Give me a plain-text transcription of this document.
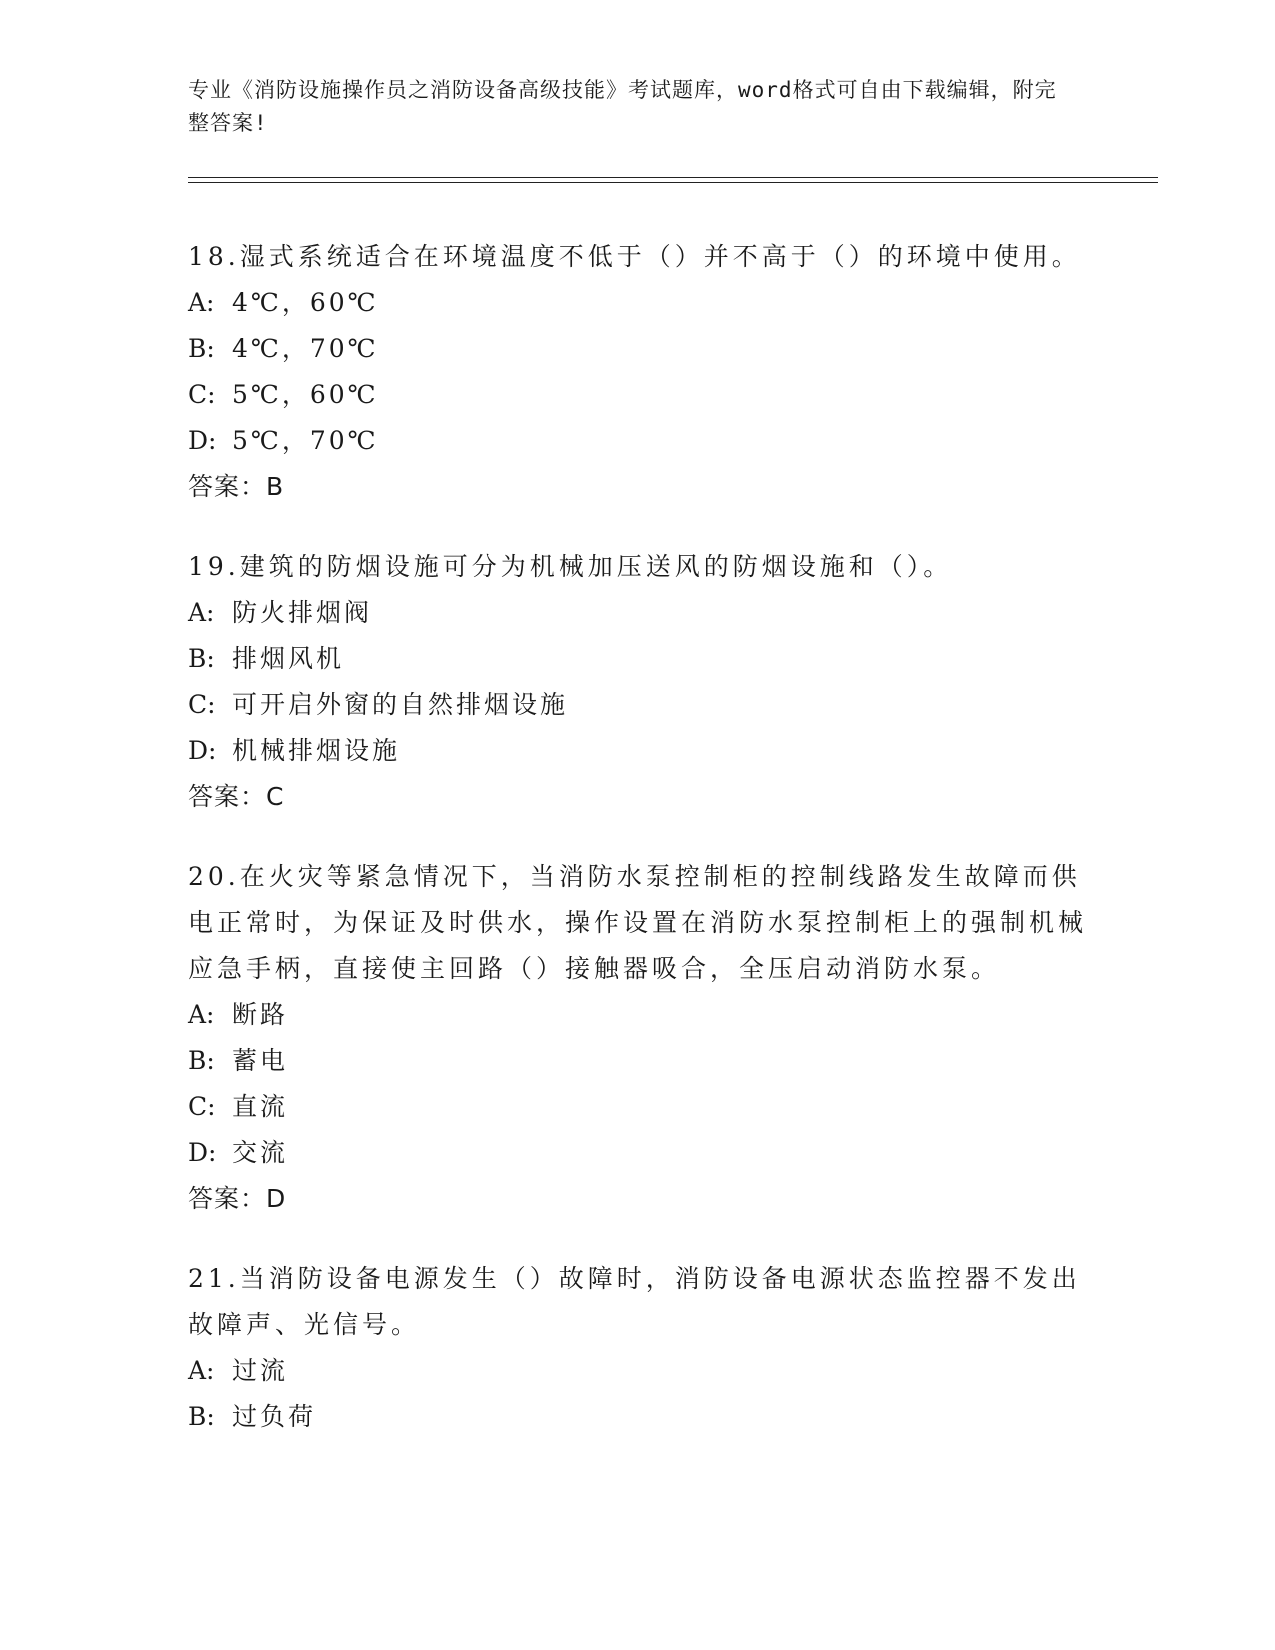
专业《消防设施操作员之消防设备高级技能》考试题库，word格式可自由下载编辑，附完整答案!
18.湿式系统适合在环境温度不低于（）并不高于（）的环境中使用。
A: 4℃，60℃
B: 4℃，70℃
C: 5℃，60℃
D: 5℃，70℃
答案：B
19.建筑的防烟设施可分为机械加压送风的防烟设施和（）。
A: 防火排烟阀
B: 排烟风机
C: 可开启外窗的自然排烟设施
D: 机械排烟设施
答案：C
20.在火灾等紧急情况下，当消防水泵控制柜的控制线路发生故障而供电正常时，为保证及时供水，操作设置在消防水泵控制柜上的强制机械应急手柄，直接使主回路（）接触器吸合，全压启动消防水泵。
A: 断路
B: 蓄电
C: 直流
D: 交流
答案：D
21.当消防设备电源发生（）故障时，消防设备电源状态监控器不发出故障声、光信号。
A: 过流
B: 过负荷
